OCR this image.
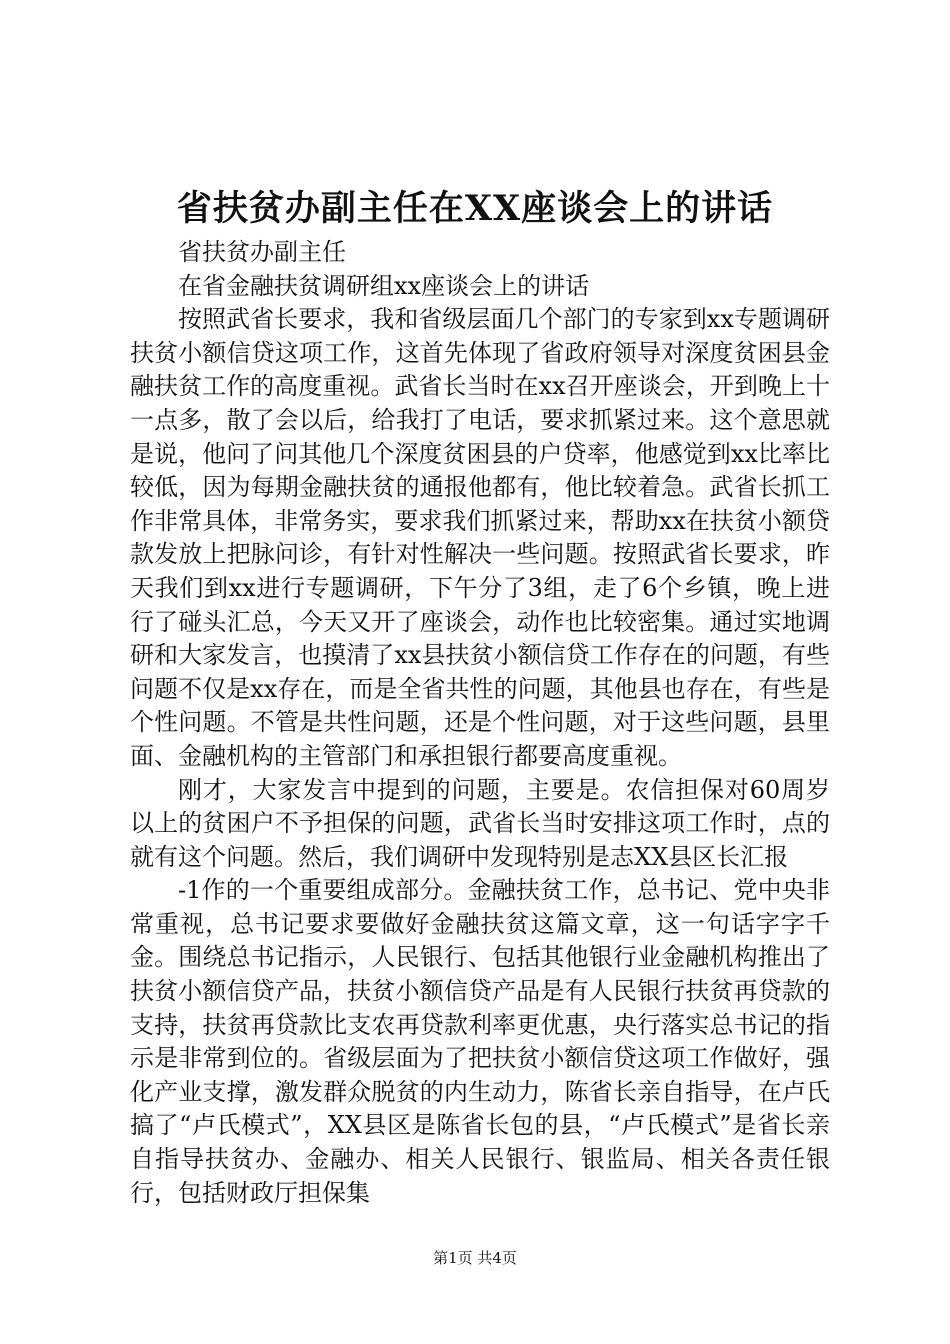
省扶贫办副主任在XX座谈会上的讲话

省扶贫办副主任

在省金融扶贫调研组xx座谈会上的讲话

按照武省长要求，我和省级层面几个部门的专家到xx专题调研扶贫小额信贷这项工作，这首先体现了省政府领导对深度贫困县金融扶贫工作的高度重视。武省长当时在xx召开座谈会，开到晚上十一点多，散了会以后，给我打了电话，要求抓紧过来。这个意思就是说，他问了问其他几个深度贫困县的户贷率，他感觉到xx比率比较低，因为每期金融扶贫的通报他都有，他比较着急。武省长抓工作非常具体，非常务实，要求我们抓紧过来，帮助xx在扶贫小额贷款发放上把脉问诊，有针对性解决一些问题。按照武省长要求，昨天我们到xx进行专题调研，下午分了3组，走了6个乡镇，晚上进行了碰头汇总，今天又开了座谈会，动作也比较密集。通过实地调研和大家发言，也摸清了xx县扶贫小额信贷工作存在的问题，有些问题不仅是xx存在，而是全省共性的问题，其他县也存在，有些是个性问题。不管是共性问题，还是个性问题，对于这些问题，县里面、金融机构的主管部门和承担银行都要高度重视。

刚才，大家发言中提到的问题，主要是。农信担保对60周岁以上的贫困户不予担保的问题，武省长当时安排这项工作时，点的就有这个问题。然后，我们调研中发现特别是志XX县区长汇报

-1作的一个重要组成部分。金融扶贫工作，总书记、党中央非常重视，总书记要求要做好金融扶贫这篇文章，这一句话字字千金。围绕总书记指示，人民银行、包括其他银行业金融机构推出了扶贫小额信贷产品，扶贫小额信贷产品是有人民银行扶贫再贷款的支持，扶贫再贷款比支农再贷款利率更优惠，央行落实总书记的指示是非常到位的。省级层面为了把扶贫小额信贷这项工作做好，强化产业支撑，激发群众脱贫的内生动力，陈省长亲自指导，在卢氏搞了“卢氏模式”，XX县区是陈省长包的县，“卢氏模式”是省长亲自指导扶贫办、金融办、相关人民银行、银监局、相关各责任银行，包括财政厅担保集

第1页 共4页
